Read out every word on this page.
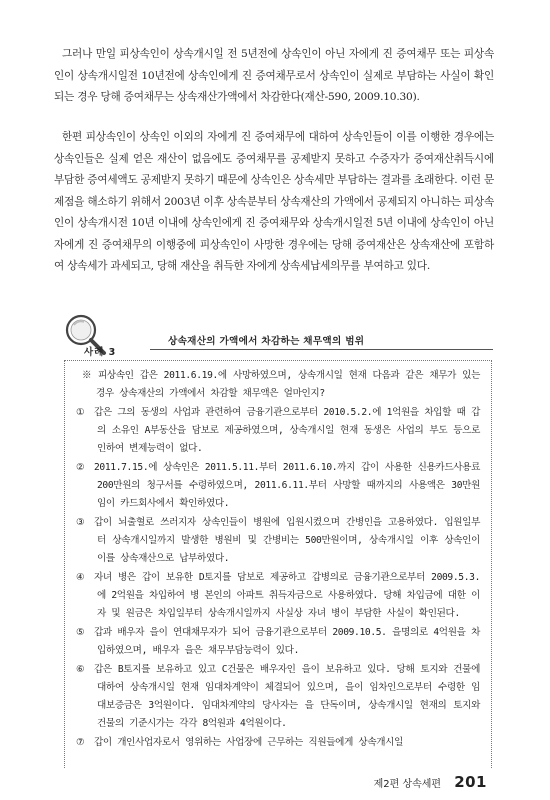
그러나 만일 피상속인이 상속개시일 전 5년전에 상속인이 아닌 자에게 진 증여채무 또는 피상속인이 상속개시일전 10년전에 상속인에게 진 증여채무로서 상속인이 실제로 부담하는 사실이 확인되는 경우 당해 증여채무는 상속재산가액에서 차감한다(재산-590, 2009.10.30).

한편 피상속인이 상속인 이외의 자에게 진 증여채무에 대하여 상속인들이 이를 이행한 경우에는 상속인들은 실제 얻은 재산이 없음에도 증여채무를 공제받지 못하고 수증자가 증여재산취득시에 부담한 증여세액도 공제받지 못하기 때문에 상속인은 상속세만 부담하는 결과를 초래한다. 이런 문제점을 해소하기 위해서 2003년 이후 상속분부터 상속재산의 가액에서 공제되지 아니하는 피상속인이 상속개시전 10년 이내에 상속인에게 진 증여채무와 상속개시일전 5년 이내에 상속인이 아닌 자에게 진 증여채무의 이행중에 피상속인이 사망한 경우에는 당해 증여재산은 상속재산에 포함하여 상속세가 과세되고, 당해 재산을 취득한 자에게 상속세납세의무를 부여하고 있다.

사례 3
상속재산의 가액에서 차감하는 채무액의 범위

※ 피상속인 갑은 2011.6.19.에 사망하였으며, 상속개시일 현재 다음과 같은 채무가 있는 경우 상속재산의 가액에서 차감할 채무액은 얼마인지?

① 갑은 그의 동생의 사업과 관련하여 금융기관으로부터 2010.5.2.에 1억원을 차입할 때 갑의 소유인 A부동산을 담보로 제공하였으며, 상속개시일 현재 동생은 사업의 부도 등으로 인하여 변제능력이 없다.

② 2011.7.15.에 상속인은 2011.5.11.부터 2011.6.10.까지 갑이 사용한 신용카드사용료 200만원의 청구서를 수령하였으며, 2011.6.11.부터 사망할 때까지의 사용액은 30만원임이 카드회사에서 확인하였다.

③ 갑이 뇌출혈로 쓰러지자 상속인들이 병원에 입원시켰으며 간병인을 고용하였다. 입원일부터 상속개시일까지 발생한 병원비 및 간병비는 500만원이며, 상속개시일 이후 상속인이 이를 상속재산으로 납부하였다.

④ 자녀 병은 갑이 보유한 D토지를 담보로 제공하고 갑병의로 금융기관으로부터 2009.5.3.에 2억원을 차입하여 병 본인의 아파트 취득자금으로 사용하였다. 당해 차입금에 대한 이자 및 원금은 차입일부터 상속개시일까지 사실상 자녀 병이 부담한 사실이 확인된다.

⑤ 갑과 배우자 을이 연대채무자가 되어 금융기관으로부터 2009.10.5. 을명의로 4억원을 차입하였으며, 배우자 을은 채무부담능력이 있다.

⑥ 갑은 B토지를 보유하고 있고 C건물은 배우자인 을이 보유하고 있다. 당해 토지와 건물에 대하여 상속개시일 현재 임대차계약이 체결되어 있으며, 을이 임차인으로부터 수령한 임대보증금은 3억원이다. 임대차계약의 당사자는 을 단독이며, 상속개시일 현재의 토지와 건물의 기준시가는 각각 8억원과 4억원이다.

⑦ 갑이 개인사업자로서 영위하는 사업장에 근무하는 직원들에게 상속개시일

제2편 상속세편 201
